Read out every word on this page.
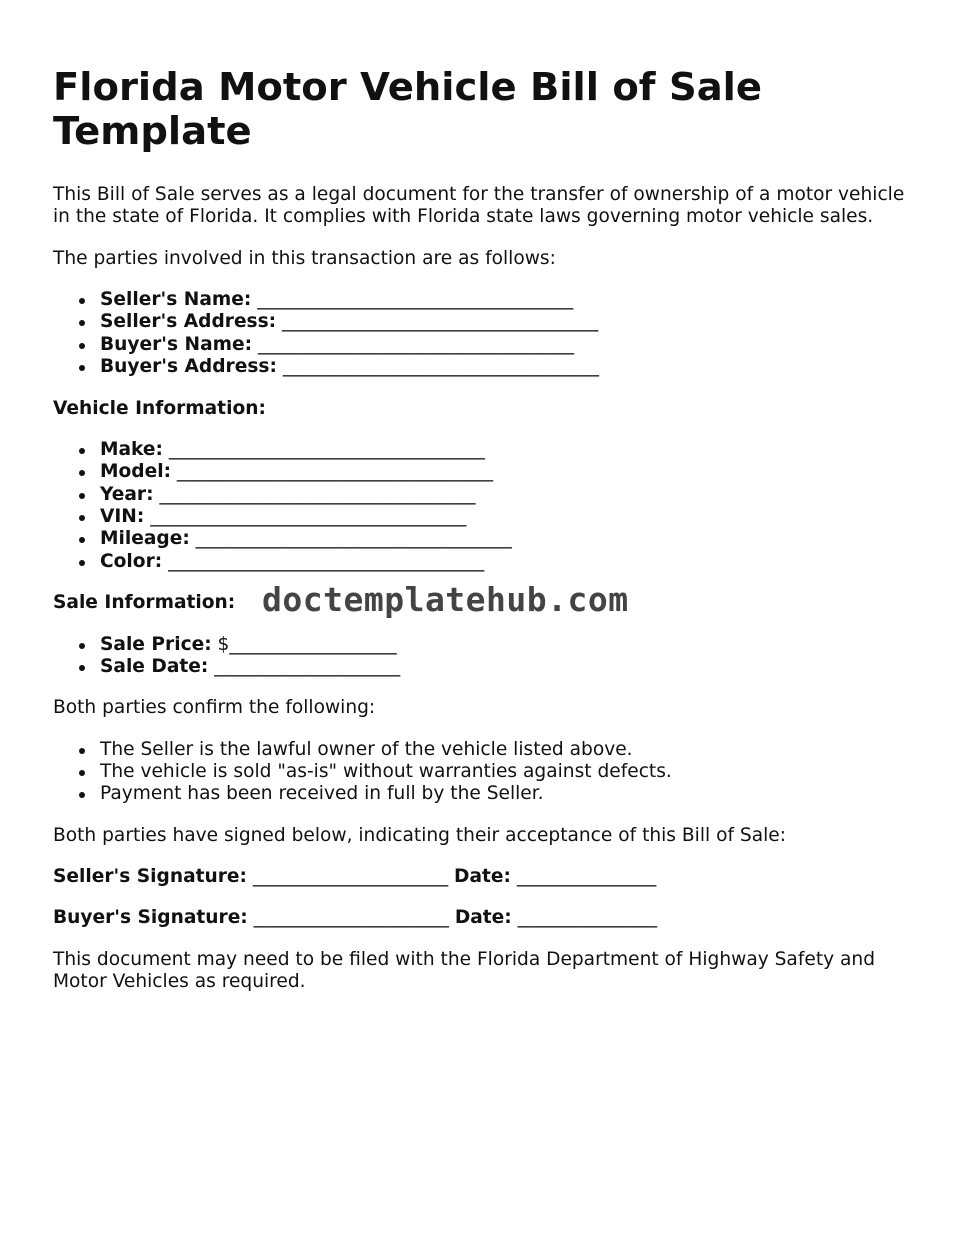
Florida Motor Vehicle Bill of Sale Template

This Bill of Sale serves as a legal document for the transfer of ownership of a motor vehicle in the state of Florida. It complies with Florida state laws governing motor vehicle sales.

The parties involved in this transaction are as follows:

Seller's Name: __________________________________
Seller's Address: __________________________________
Buyer's Name: __________________________________
Buyer's Address: __________________________________

Vehicle Information:

Make: __________________________________
Model: __________________________________
Year: __________________________________
VIN: __________________________________
Mileage: __________________________________
Color: __________________________________

Sale Information: doctemplatehub.com

Sale Price: $__________________
Sale Date: ____________________

Both parties confirm the following:

The Seller is the lawful owner of the vehicle listed above.
The vehicle is sold "as-is" without warranties against defects.
Payment has been received in full by the Seller.

Both parties have signed below, indicating their acceptance of this Bill of Sale:

Seller's Signature: _____________________ Date: _______________

Buyer's Signature: _____________________ Date: _______________

This document may need to be filed with the Florida Department of Highway Safety and Motor Vehicles as required.
